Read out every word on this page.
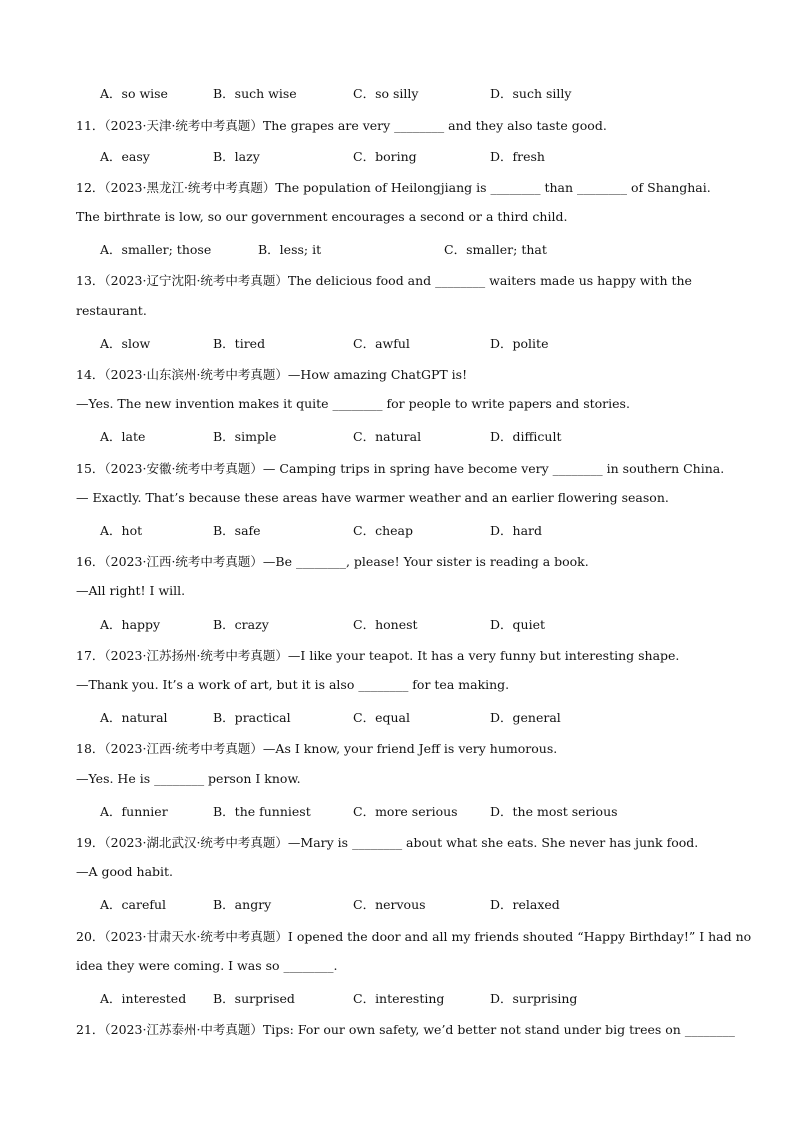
A．so wise	B．such wise	C．so silly	D．such silly
11．（2023·天津·统考中考真题）The grapes are very ________ and they also taste good.
A．easy	B．lazy	C．boring	D．fresh
12．（2023·黑龙江·统考中考真题）The population of Heilongjiang is ________ than ________ of Shanghai.
The birthrate is low, so our government encourages a second or a third child.
A．smaller; those	B．less; it	C．smaller; that
13．（2023·辽宁沈阳·统考中考真题）The delicious food and ________ waiters made us happy with the
restaurant.
A．slow	B．tired	C．awful	D．polite
14．（2023·山东滨州·统考中考真题）—How amazing ChatGPT is!
—Yes. The new invention makes it quite ________ for people to write papers and stories.
A．late	B．simple	C．natural	D．difficult
15．（2023·安徽·统考中考真题）— Camping trips in spring have become very ________ in southern China.
— Exactly. That’s because these areas have warmer weather and an earlier flowering season.
A．hot	B．safe	C．cheap	D．hard
16．（2023·江西·统考中考真题）—Be ________, please! Your sister is reading a book.
—All right! I will.
A．happy	B．crazy	C．honest	D．quiet
17．（2023·江苏扬州·统考中考真题）—I like your teapot. It has a very funny but interesting shape.
—Thank you. It’s a work of art, but it is also ________ for tea making.
A．natural	B．practical	C．equal	D．general
18．（2023·江西·统考中考真题）—As I know, your friend Jeff is very humorous.
—Yes. He is ________ person I know.
A．funnier	B．the funniest	C．more serious	D．the most serious
19．（2023·湖北武汉·统考中考真题）—Mary is ________ about what she eats. She never has junk food.
—A good habit.
A．careful	B．angry	C．nervous	D．relaxed
20．（2023·甘肃天水·统考中考真题）I opened the door and all my friends shouted “Happy Birthday!” I had no
idea they were coming. I was so ________.
A．interested B．surprised	C．interesting	D．surprising
21．（2023·江苏泰州·中考真题）Tips: For our own safety, we’d better not stand under big trees on ________
